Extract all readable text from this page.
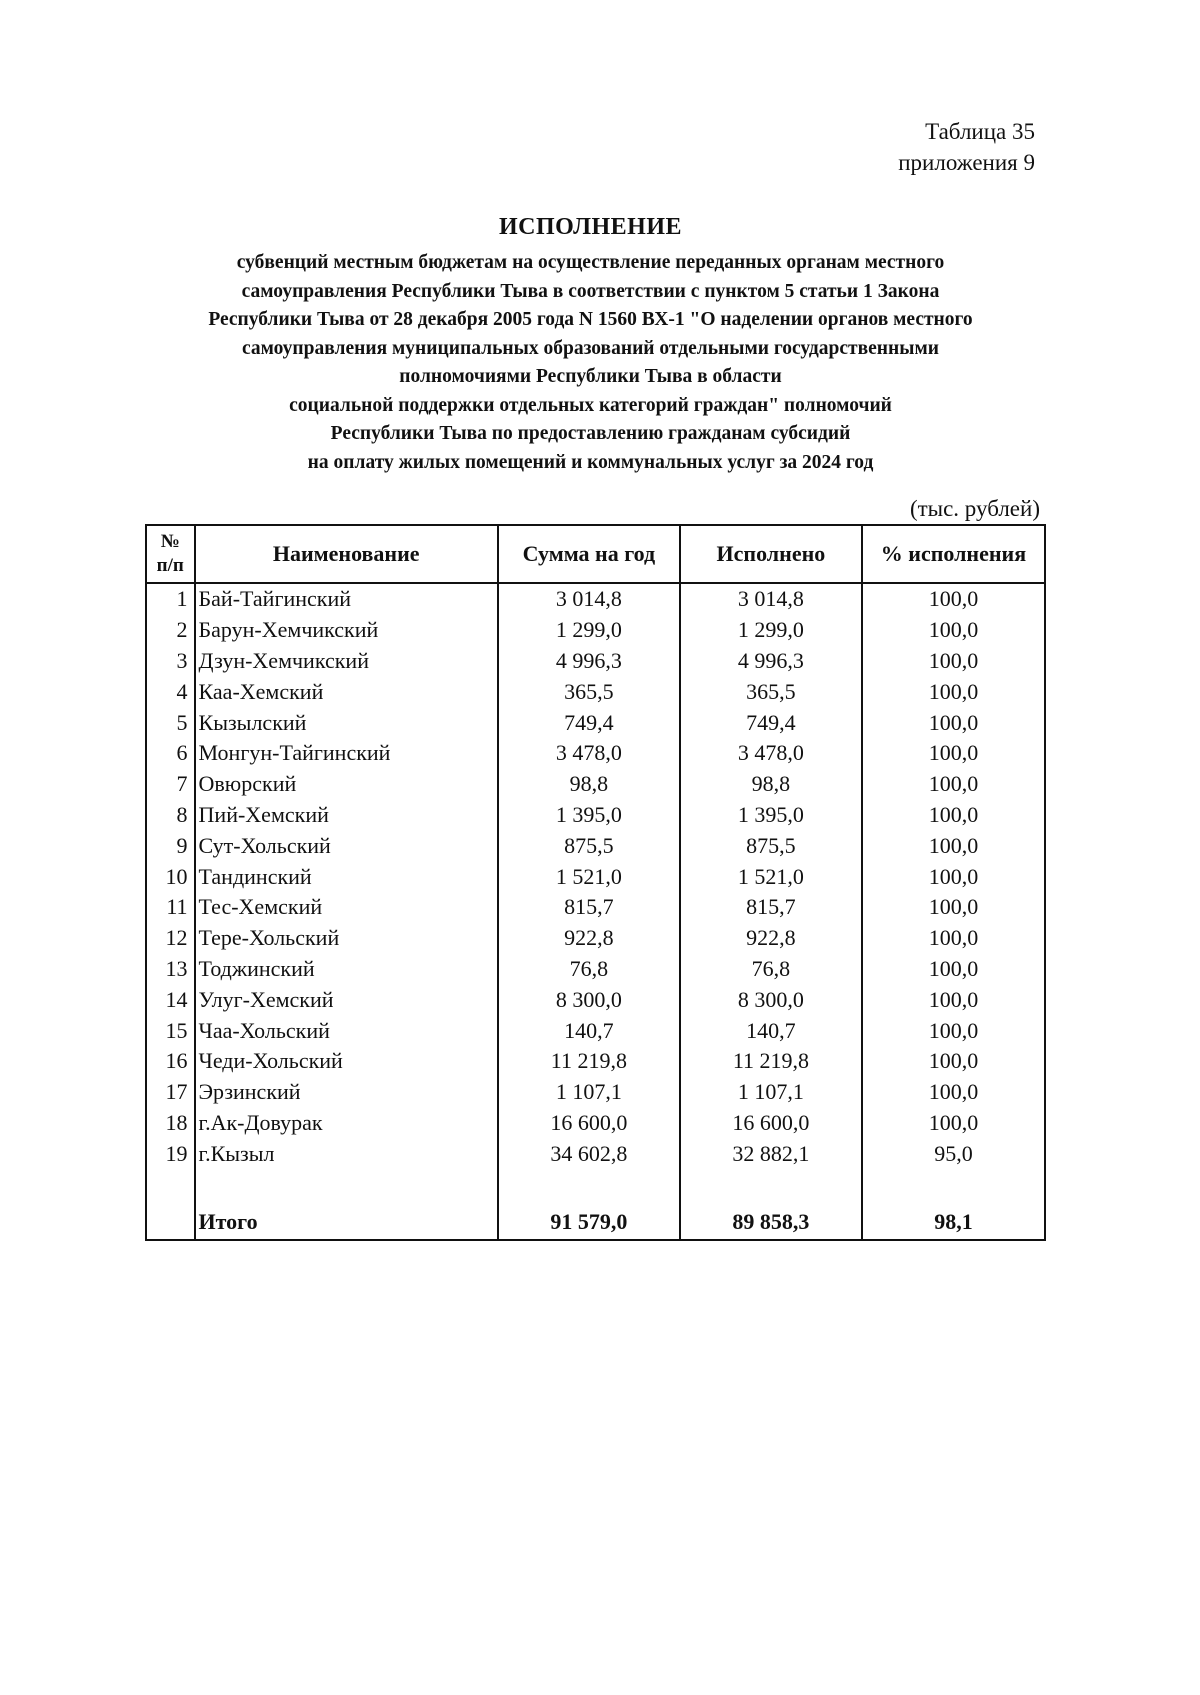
Таблица 35
приложения 9
ИСПОЛНЕНИЕ
субвенций местным бюджетам на осуществление переданных органам местного
самоуправления Республики Тыва в соответствии с пунктом 5 статьи 1 Закона
Республики Тыва от 28 декабря 2005 года N 1560 ВХ-1 "О наделении органов местного
самоуправления муниципальных образований отдельными государственными
полномочиями Республики Тыва в области
социальной поддержки отдельных категорий граждан" полномочий
Республики Тыва по предоставлению гражданам субсидий
на оплату жилых помещений и коммунальных услуг за 2024 год
(тыс. рублей)
№
п/п	Наименование	Сумма на год	Исполнено	% исполнения
1	Бай-Тайгинский	3 014,8	3 014,8	100,0
2	Барун-Хемчикский	1 299,0	1 299,0	100,0
3	Дзун-Хемчикский	4 996,3	4 996,3	100,0
4	Каа-Хемский	365,5	365,5	100,0
5	Кызылский	749,4	749,4	100,0
6	Монгун-Тайгинский	3 478,0	3 478,0	100,0
7	Овюрский	98,8	98,8	100,0
8	Пий-Хемский	1 395,0	1 395,0	100,0
9	Сут-Хольский	875,5	875,5	100,0
10	Тандинский	1 521,0	1 521,0	100,0
11	Тес-Хемский	815,7	815,7	100,0
12	Тере-Хольский	922,8	922,8	100,0
13	Тоджинский	76,8	76,8	100,0
14	Улуг-Хемский	8 300,0	8 300,0	100,0
15	Чаа-Хольский	140,7	140,7	100,0
16	Чеди-Хольский	11 219,8	11 219,8	100,0
17	Эрзинский	1 107,1	1 107,1	100,0
18	г.Ак-Довурак	16 600,0	16 600,0	100,0
19	г.Кызыл	34 602,8	32 882,1	95,0

	Итого	91 579,0	89 858,3	98,1
